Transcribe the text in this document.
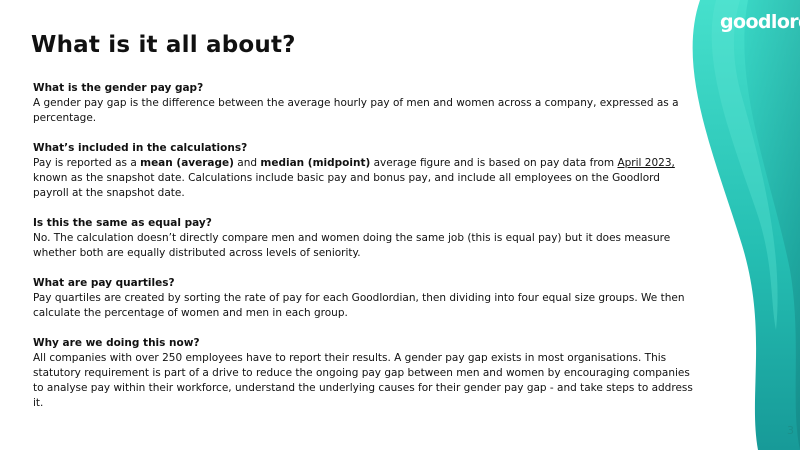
goodlord
What is it all about?
What is the gender pay gap?

A gender pay gap is the difference between the average hourly pay of men and women across a company, expressed as a percentage.

What’s included in the calculations?

Pay is reported as a mean (average) and median (midpoint) average figure and is based on pay data from April 2023, known as the snapshot date. Calculations include basic pay and bonus pay, and include all employees on the Goodlord payroll at the snapshot date.

Is this the same as equal pay?

No. The calculation doesn’t directly compare men and women doing the same job (this is equal pay) but it does measure whether both are equally distributed across levels of seniority.

What are pay quartiles?

Pay quartiles are created by sorting the rate of pay for each Goodlordian, then dividing into four equal size groups. We then calculate the percentage of women and men in each group.

Why are we doing this now?

All companies with over 250 employees have to report their results. A gender pay gap exists in most organisations. This statutory requirement is part of a drive to reduce the ongoing pay gap between men and women by encouraging companies to analyse pay within their workforce, understand the underlying causes for their gender pay gap - and take steps to address it.

3
